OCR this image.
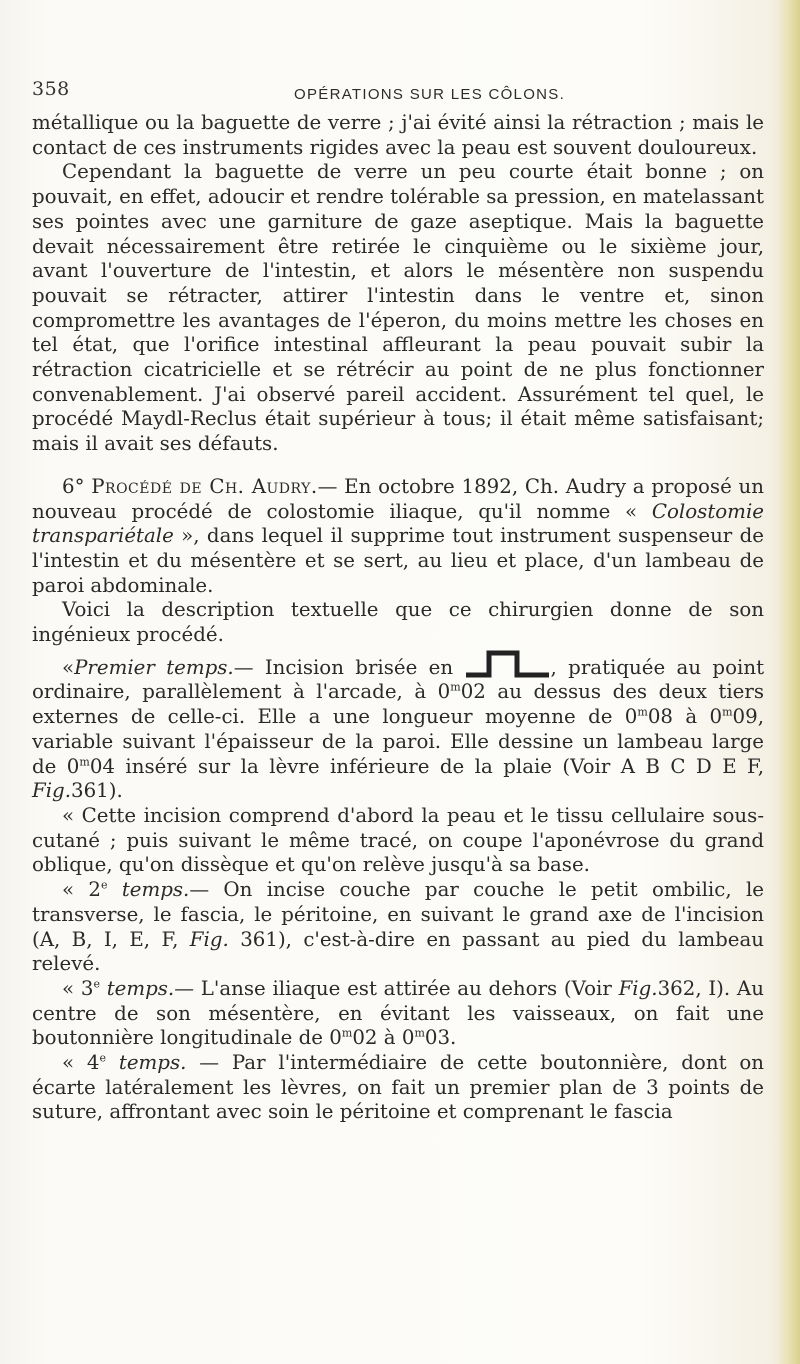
358	OPÉRATIONS SUR LES CÔLONS.

métallique ou la baguette de verre ; j'ai évité ainsi la rétraction ; mais le contact de ces instruments rigides avec la peau est souvent douloureux.

Cependant la baguette de verre un peu courte était bonne ; on pouvait, en effet, adoucir et rendre tolérable sa pression, en matelassant ses pointes avec une garniture de gaze aseptique. Mais la baguette devait nécessairement être retirée le cinquième ou le sixième jour, avant l'ouverture de l'intestin, et alors le mésentère non suspendu pouvait se rétracter, attirer l'intestin dans le ventre et, sinon compromettre les avantages de l'éperon, du moins mettre les choses en tel état, que l'orifice intestinal affleurant la peau pouvait subir la rétraction cicatricielle et se rétrécir au point de ne plus fonctionner convenablement. J'ai observé pareil accident. Assurément tel quel, le procédé Maydl-Reclus était supérieur à tous; il était même satisfaisant; mais il avait ses défauts.

6° Procédé de Ch. Audry.— En octobre 1892, Ch. Audry a proposé un nouveau procédé de colostomie iliaque, qu'il nomme « Colostomie transpariétale », dans lequel il supprime tout instrument suspenseur de l'intestin et du mésentère et se sert, au lieu et place, d'un lambeau de paroi abdominale.

Voici la description textuelle que ce chirurgien donne de son ingénieux procédé.

«Premier temps.— Incision brisée en	, pratiquée au point ordinaire, parallèlement à l'arcade, à 0$^m$02 au dessus des deux tiers externes de celle-ci. Elle a une longueur moyenne de 0$^m$08 à 0$^m$09, variable suivant l'épaisseur de la paroi. Elle dessine un lambeau large de 0$^m$04 inséré sur la lèvre inférieure de la plaie (Voir A B C D E F, Fig.361).

« Cette incision comprend d'abord la peau et le tissu cellulaire sous-cutané ; puis suivant le même tracé, on coupe l'aponévrose du grand oblique, qu'on dissèque et qu'on relève jusqu'à sa base.

« 2e temps.— On incise couche par couche le petit ombilic, le transverse, le fascia, le péritoine, en suivant le grand axe de l'incision (A, B, I, E, F, Fig. 361), c'est-à-dire en passant au pied du lambeau relevé.

« 3e temps.— L'anse iliaque est attirée au dehors (Voir Fig.362, I). Au centre de son mésentère, en évitant les vaisseaux, on fait une boutonnière longitudinale de 0$^m$02 à 0$^m$03.

« 4e temps. — Par l'intermédiaire de cette boutonnière, dont on écarte latéralement les lèvres, on fait un premier plan de 3 points de suture, affrontant avec soin le péritoine et comprenant le fascia
